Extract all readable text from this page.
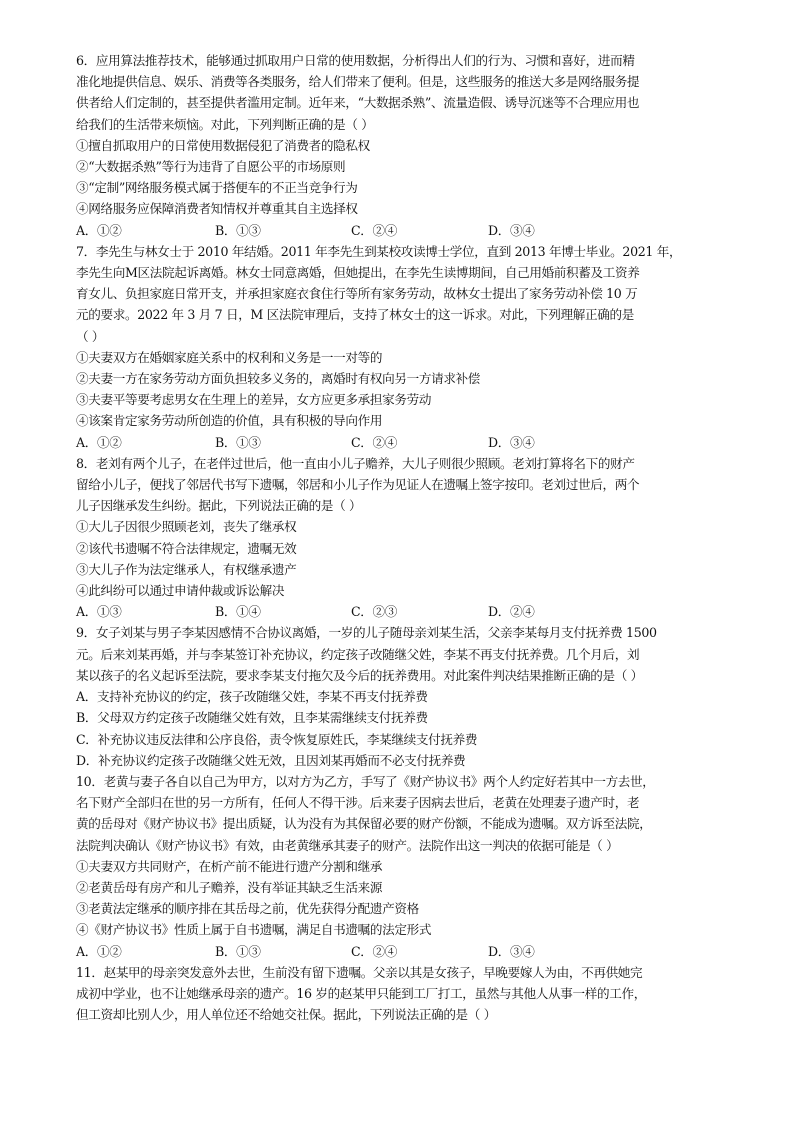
6．应用算法推荐技术，能够通过抓取用户日常的使用数据，分析得出人们的行为、习惯和喜好，进而精

准化地提供信息、娱乐、消费等各类服务，给人们带来了便利。但是，这些服务的推送大多是网络服务提

供者给人们定制的，甚至提供者滥用定制。近年来，“大数据杀熟”、流量造假、诱导沉迷等不合理应用也

给我们的生活带来烦恼。对此，下列判断正确的是（ ）

①擅自抓取用户的日常使用数据侵犯了消费者的隐私权

②“大数据杀熟”等行为违背了自愿公平的市场原则

③“定制”网络服务模式属于搭便车的不正当竞争行为

④网络服务应保障消费者知情权并尊重其自主选择权

A．①②	B．①③	C．②④	D．③④

7．李先生与林女士于 2010 年结婚。2011 年李先生到某校攻读博士学位，直到 2013 年博士毕业。2021 年，

李先生向M区法院起诉离婚。林女士同意离婚，但她提出，在李先生读博期间，自己用婚前积蓄及工资养

育女儿、负担家庭日常开支，并承担家庭衣食住行等所有家务劳动，故林女士提出了家务劳动补偿 10 万

元的要求。2022 年 3 月 7 日，M 区法院审理后，支持了林女士的这一诉求。对此，下列理解正确的是

（ ）

①夫妻双方在婚姻家庭关系中的权利和义务是一一对等的

②夫妻一方在家务劳动方面负担较多义务的，离婚时有权向另一方请求补偿

③夫妻平等要考虑男女在生理上的差异，女方应更多承担家务劳动

④该案肯定家务劳动所创造的价值，具有积极的导向作用

A．①②	B．①③	C．②④	D．③④

8．老刘有两个儿子，在老伴过世后，他一直由小儿子赡养，大儿子则很少照顾。老刘打算将名下的财产

留给小儿子，便找了邻居代书写下遗嘱，邻居和小儿子作为见证人在遗嘱上签字按印。老刘过世后，两个

儿子因继承发生纠纷。据此，下列说法正确的是（ ）

①大儿子因很少照顾老刘，丧失了继承权

②该代书遗嘱不符合法律规定，遗嘱无效

③大儿子作为法定继承人，有权继承遗产

④此纠纷可以通过申请仲裁或诉讼解决

A．①③	B．①④	C．②③	D．②④

9．女子刘某与男子李某因感情不合协议离婚，一岁的儿子随母亲刘某生活，父亲李某每月支付抚养费 1500

元。后来刘某再婚，并与李某签订补充协议，约定孩子改随继父姓，李某不再支付抚养费。几个月后，刘

某以孩子的名义起诉至法院，要求李某支付拖欠及今后的抚养费用。对此案件判决结果推断正确的是（ ）

A．支持补充协议的约定，孩子改随继父姓，李某不再支付抚养费

B．父母双方约定孩子改随继父姓有效，且李某需继续支付抚养费

C．补充协议违反法律和公序良俗，责令恢复原姓氏，李某继续支付抚养费

D．补充协议约定孩子改随继父姓无效，且因刘某再婚而不必支付抚养费

10．老黄与妻子各自以自己为甲方，以对方为乙方，手写了《财产协议书》两个人约定好若其中一方去世，

名下财产全部归在世的另一方所有，任何人不得干涉。后来妻子因病去世后，老黄在处理妻子遗产时，老

黄的岳母对《财产协议书》提出质疑，认为没有为其保留必要的财产份额，不能成为遗嘱。双方诉至法院，

法院判决确认《财产协议书》有效，由老黄继承其妻子的财产。法院作出这一判决的依据可能是（ ）

①夫妻双方共同财产，在析产前不能进行遗产分割和继承

②老黄岳母有房产和儿子赡养，没有举证其缺乏生活来源

③老黄法定继承的顺序排在其岳母之前，优先获得分配遗产资格

④《财产协议书》性质上属于自书遗嘱，满足自书遗嘱的法定形式

A．①②	B．①③	C．②④	D．③④

11．赵某甲的母亲突发意外去世，生前没有留下遗嘱。父亲以其是女孩子，早晚要嫁人为由，不再供她完

成初中学业，也不让她继承母亲的遗产。16 岁的赵某甲只能到工厂打工，虽然与其他人从事一样的工作，

但工资却比别人少，用人单位还不给她交社保。据此，下列说法正确的是（ ）
